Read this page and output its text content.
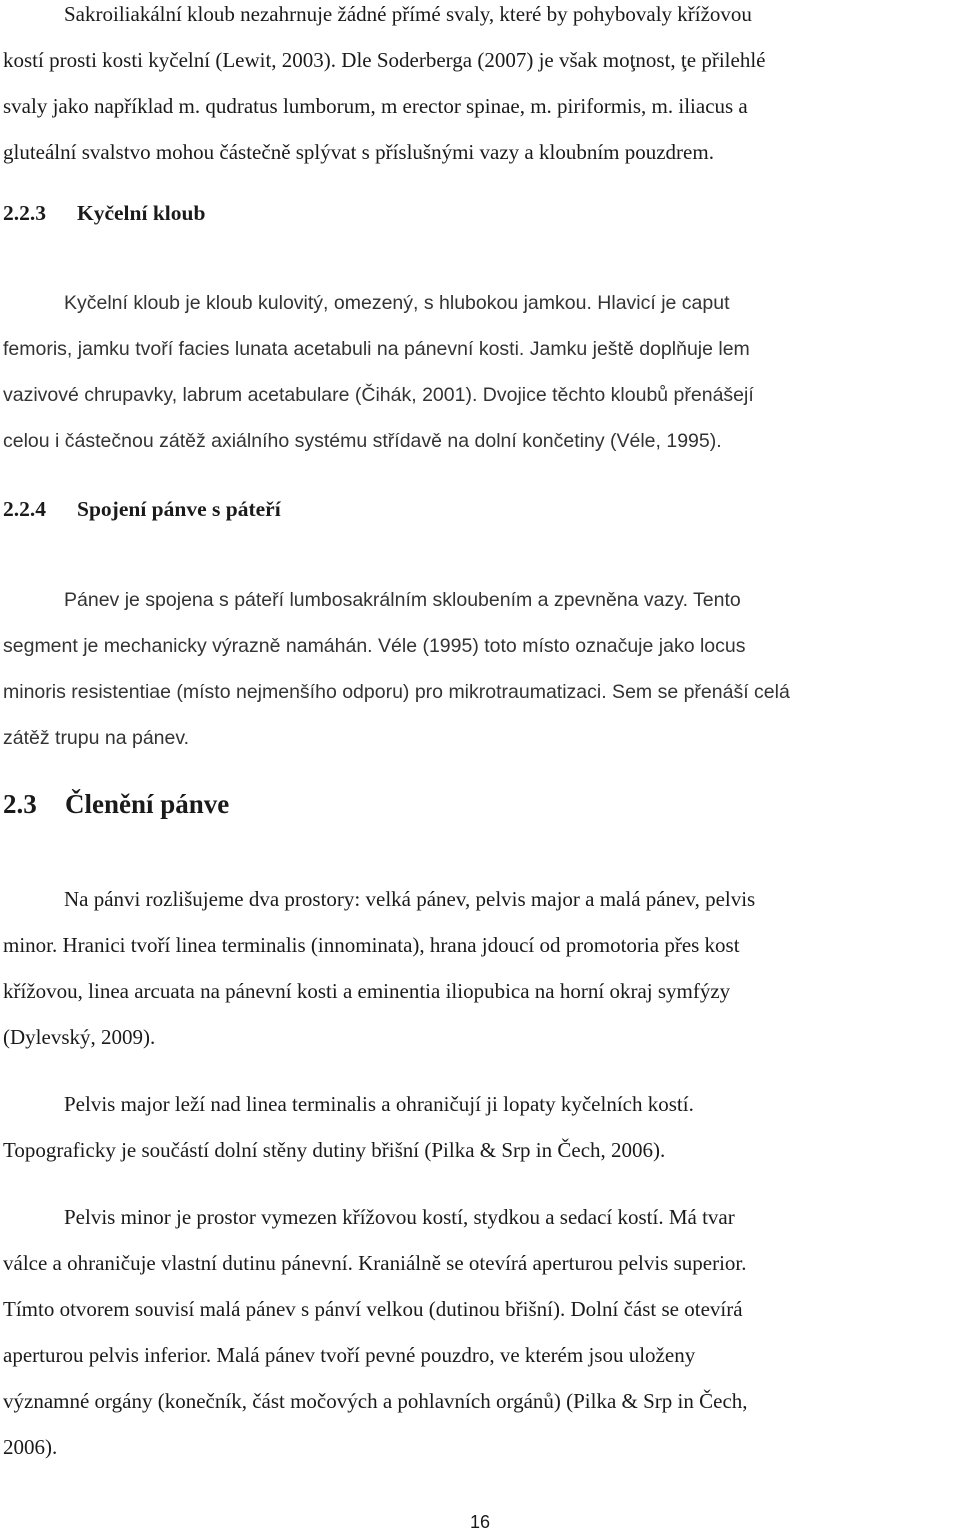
Sakroiliakální kloub nezahrnuje žádné přímé svaly, které by pohybovaly křížovou
kostí prosti kosti kyčelní (Lewit, 2003). Dle Soderberga (2007) je však moţnost, ţe přilehlé
svaly jako například m. qudratus lumborum, m erector spinae, m. piriformis, m. iliacus a
gluteální svalstvo mohou částečně splývat s příslušnými vazy a kloubním pouzdrem.
2.2.3 Kyčelní kloub
Kyčelní kloub je kloub kulovitý, omezený, s hlubokou jamkou. Hlavicí je caput
femoris, jamku tvoří facies lunata acetabuli na pánevní kosti. Jamku ještě doplňuje lem
vazivové chrupavky, labrum acetabulare (Čihák, 2001). Dvojice těchto kloubů přenášejí
celou i částečnou zátěž axiálního systému střídavě na dolní končetiny (Véle, 1995).
2.2.4 Spojení pánve s páteří
Pánev je spojena s páteří lumbosakrálním skloubením a zpevněna vazy. Tento
segment je mechanicky výrazně namáhán. Véle (1995) toto místo označuje jako locus
minoris resistentiae (místo nejmenšího odporu) pro mikrotraumatizaci. Sem se přenáší celá
zátěž trupu na pánev.
2.3 Členění pánve
Na pánvi rozlišujeme dva prostory: velká pánev, pelvis major a malá pánev, pelvis
minor. Hranici tvoří linea terminalis (innominata), hrana jdoucí od promotoria přes kost
křížovou, linea arcuata na pánevní kosti a eminentia iliopubica na horní okraj symfýzy
(Dylevský, 2009).
Pelvis major leží nad linea terminalis a ohraničují ji lopaty kyčelních kostí.
Topograficky je součástí dolní stěny dutiny břišní (Pilka & Srp in Čech, 2006).
Pelvis minor je prostor vymezen křížovou kostí, stydkou a sedací kostí. Má tvar
válce a ohraničuje vlastní dutinu pánevní. Kraniálně se otevírá aperturou pelvis superior.
Tímto otvorem souvisí malá pánev s pánví velkou (dutinou břišní). Dolní část se otevírá
aperturou pelvis inferior. Malá pánev tvoří pevné pouzdro, ve kterém jsou uloženy
významné orgány (konečník, část močových a pohlavních orgánů) (Pilka & Srp in Čech,
2006).
16
